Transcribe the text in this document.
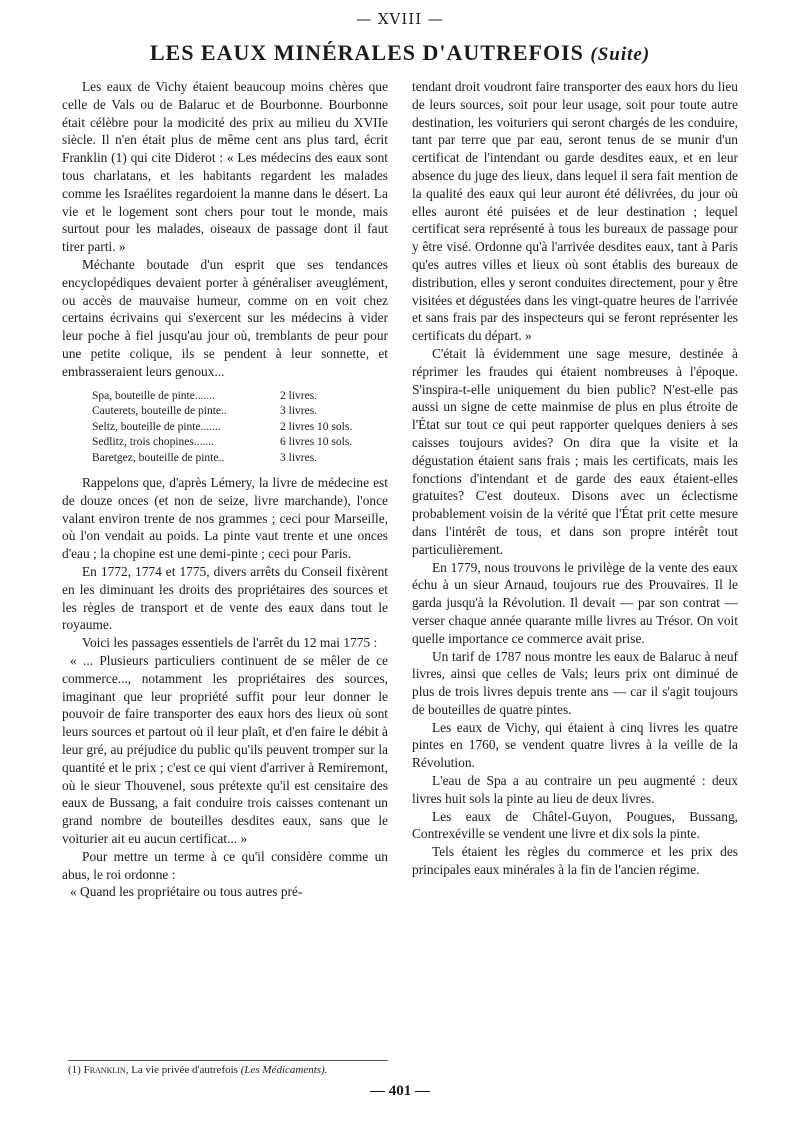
— XVIII —
LES EAUX MINÉRALES D'AUTREFOIS (Suite)

Les eaux de Vichy étaient beaucoup moins chères que celle de Vals ou de Balaruc et de Bourbonne. Bourbonne était célèbre pour la modicité des prix au milieu du XVIIe siècle. Il n'en était plus de même cent ans plus tard, écrit Franklin (1) qui cite Diderot : « Les médecins des eaux sont tous charlatans, et les habitants regardent les malades comme les Israélites regardoient la manne dans le désert. La vie et le logement sont chers pour tout le monde, mais surtout pour les malades, oiseaux de passage dont il faut tirer parti. »

Méchante boutade d'un esprit que ses tendances encyclopédiques devaient porter à généraliser aveuglément, ou accès de mauvaise humeur, comme on en voit chez certains écrivains qui s'exercent sur les médecins à vider leur poche à fiel jusqu'au jour où, tremblants de peur pour une petite colique, ils se pendent à leur sonnette, et embrasseraient leurs genoux...

Spa, bouteille de pinte.......	2 livres.
Cauterets, bouteille de pinte..	3 livres.
Seltz, bouteille de pinte.......	2 livres 10 sols.
Sedlitz, trois chopines.......	6 livres 10 sols.
Baretgez, bouteille de pinte..	3 livres.

Rappelons que, d'après Lémery, la livre de médecine est de douze onces (et non de seize, livre marchande), l'once valant environ trente de nos grammes ; ceci pour Marseille, où l'on vendait au poids. La pinte vaut trente et une onces d'eau ; la chopine est une demi-pinte ; ceci pour Paris.

En 1772, 1774 et 1775, divers arrêts du Conseil fixèrent en les diminuant les droits des propriétaires des sources et les règles de transport et de vente des eaux dans tout le royaume.

Voici les passages essentiels de l'arrêt du 12 mai 1775 :

« ... Plusieurs particuliers continuent de se mêler de ce commerce..., notamment les propriétaires des sources, imaginant que leur propriété suffit pour leur donner le pouvoir de faire transporter des eaux hors des lieux où sont leurs sources et partout où il leur plaît, et d'en faire le débit à leur gré, au préjudice du public qu'ils peuvent tromper sur la quantité et le prix ; c'est ce qui vient d'arriver à Remiremont, où le sieur Thouvenel, sous prétexte qu'il est censitaire des eaux de Bussang, a fait conduire trois caisses contenant un grand nombre de bouteilles desdites eaux, sans que le voiturier ait eu aucun certificat... »

Pour mettre un terme à ce qu'il considère comme un abus, le roi ordonne :

« Quand les propriétaire ou tous autres pré-

tendant droit voudront faire transporter des eaux hors du lieu de leurs sources, soit pour leur usage, soit pour toute autre destination, les voituriers qui seront chargés de les conduire, tant par terre que par eau, seront tenus de se munir d'un certificat de l'intendant ou garde desdites eaux, et en leur absence du juge des lieux, dans lequel il sera fait mention de la qualité des eaux qui leur auront été délivrées, du jour où elles auront été puisées et de leur destination ; lequel certificat sera représenté à tous les bureaux de passage pour y être visé. Ordonne qu'à l'arrivée desdites eaux, tant à Paris qu'es autres villes et lieux où sont établis des bureaux de distribution, elles y seront conduites directement, pour y être visitées et dégustées dans les vingt-quatre heures de l'arrivée et sans frais par des inspecteurs qui se feront représenter les certificats du départ. »

C'était là évidemment une sage mesure, destinée à réprimer les fraudes qui étaient nombreuses à l'époque. S'inspira-t-elle uniquement du bien public? N'est-elle pas aussi un signe de cette mainmise de plus en plus étroite de l'État sur tout ce qui peut rapporter quelques deniers à ses caisses toujours avides? On dira que la visite et la dégustation étaient sans frais ; mais les certificats, mais les fonctions d'intendant et de garde des eaux étaient-elles gratuites? C'est douteux. Disons avec un éclectisme probablement voisin de la vérité que l'État prit cette mesure dans l'intérêt de tous, et dans son propre intérêt tout particulièrement.

En 1779, nous trouvons le privilège de la vente des eaux échu à un sieur Arnaud, toujours rue des Prouvaires. Il le garda jusqu'à la Révolution. Il devait — par son contrat — verser chaque année quarante mille livres au Trésor. On voit quelle importance ce commerce avait prise.

Un tarif de 1787 nous montre les eaux de Balaruc à neuf livres, ainsi que celles de Vals; leurs prix ont diminué de plus de trois livres depuis trente ans — car il s'agit toujours de bouteilles de quatre pintes.

Les eaux de Vichy, qui étaient à cinq livres les quatre pintes en 1760, se vendent quatre livres à la veille de la Révolution.

L'eau de Spa a au contraire un peu augmenté : deux livres huit sols la pinte au lieu de deux livres.

Les eaux de Châtel-Guyon, Pougues, Bussang, Contrexéville se vendent une livre et dix sols la pinte.

Tels étaient les règles du commerce et les prix des principales eaux minérales à la fin de l'ancien régime.

(1) Franklin, La vie privée d'autrefois (Les Médicaments).
— 401 —
